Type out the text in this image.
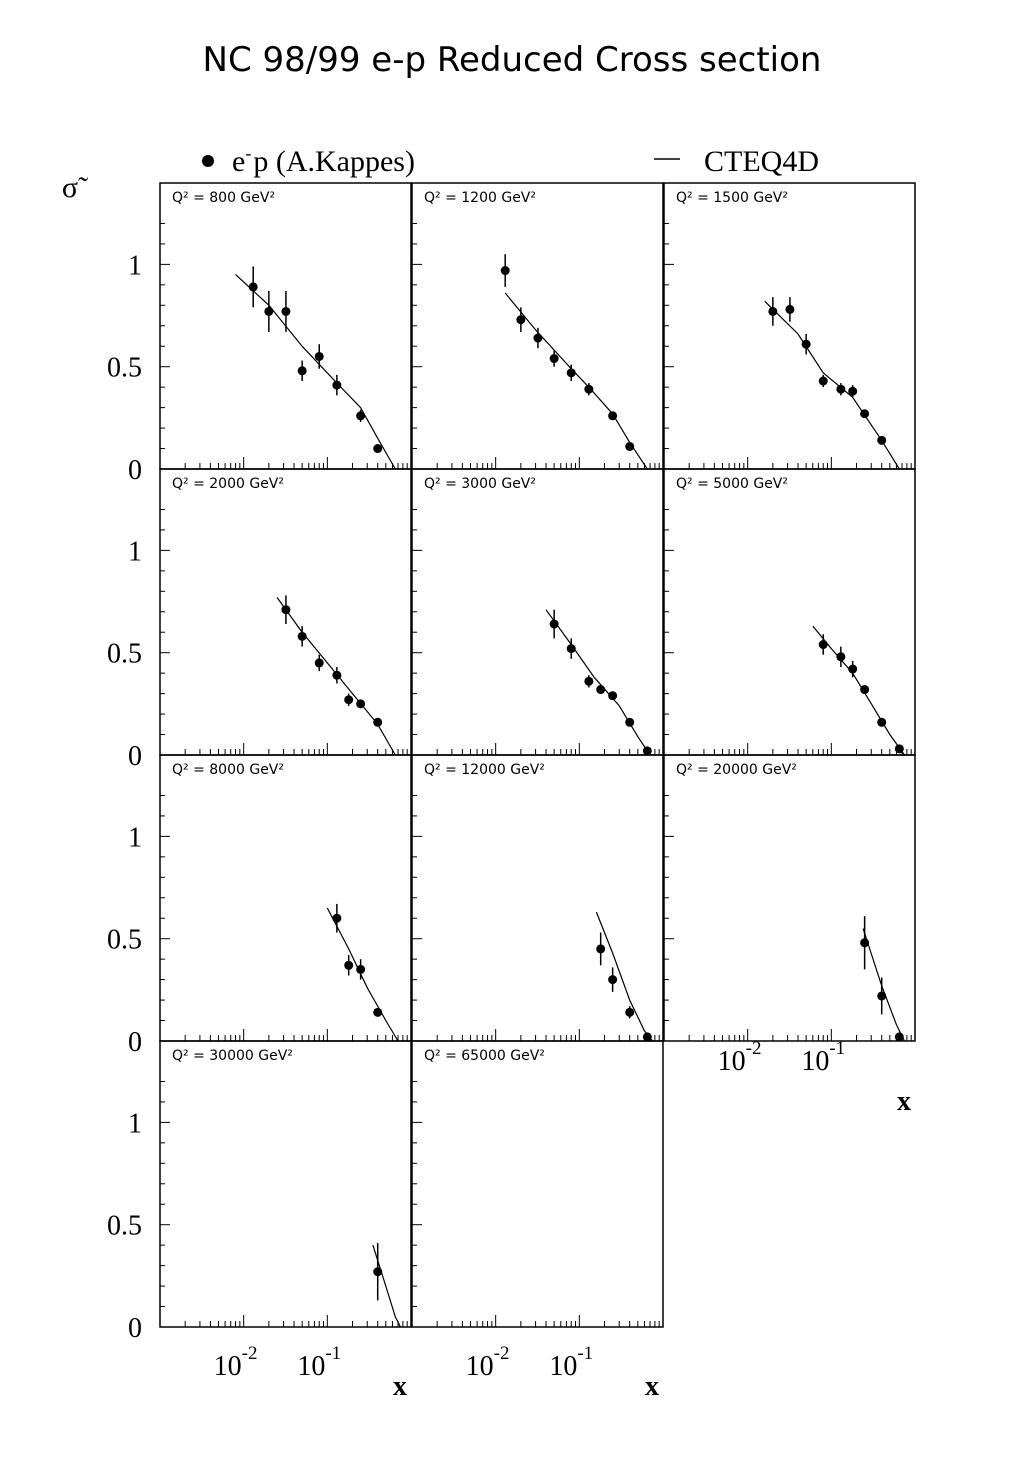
NC 98/99 e-p Reduced Cross section
e-p (A.Kappes)	CTEQ4D
σ̃	Q² = 800 GeV²	Q² = 1200 GeV²	Q² = 1500 GeV²
Q² = 2000 GeV²	Q² = 3000 GeV²	Q² = 5000 GeV²
Q² = 8000 GeV²	Q² = 12000 GeV²	Q² = 20000 GeV²
Q² = 30000 GeV²	Q² = 65000 GeV²
1
0.5
0
1
0.5
0
1
0.5
0
1
0.5
0
10 -2 10 -1
x
10 -2 10 -1
x
10 -2 10 -1
x
